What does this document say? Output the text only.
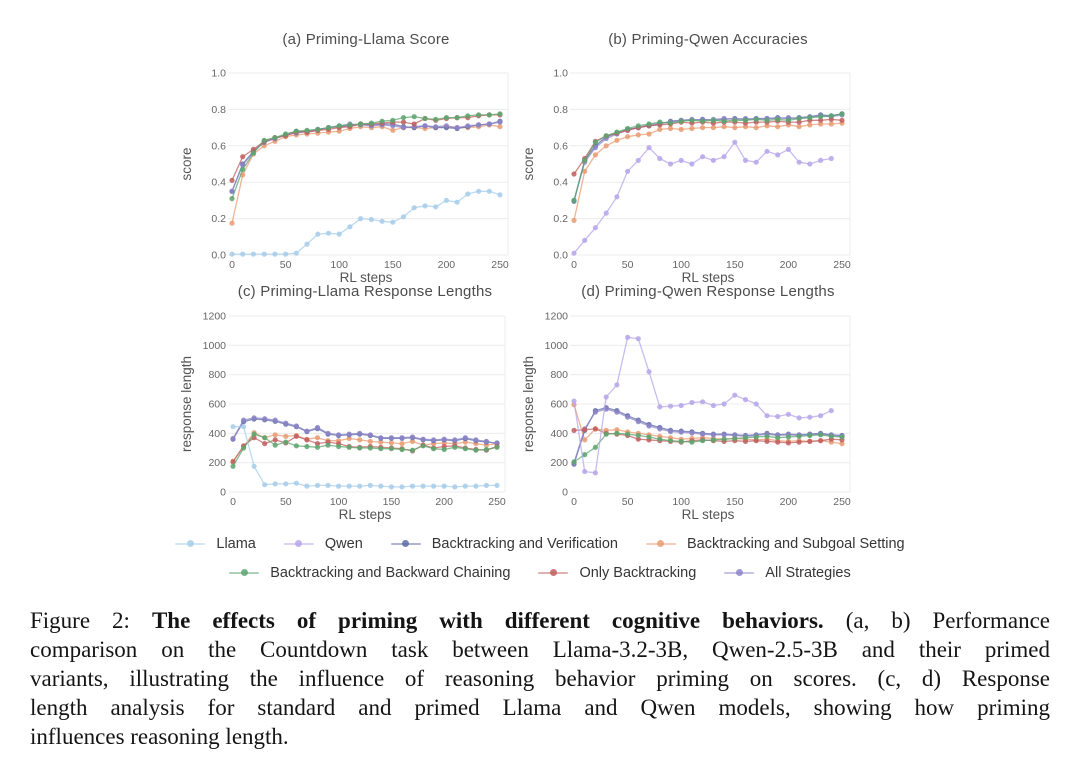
0.0
0.2
0.4
0.6
0.8
1.0
0	50	100	150	200	250
(a) Priming-Llama Score
RL steps
score
0.0
0.2
0.4
0.6
0.8
1.0
0	50	100	150	200	250
(b) Priming-Qwen Accuracies
RL steps
score
0
200
400
600
800
1000
1200
0	50	100	150	200	250
(c) Priming-Llama Response Lengths
RL steps
response length
0
200
400
600
800
1000
1200
0	50	100	150	200	250
(d) Priming-Qwen Response Lengths
RL steps
response length
Llama	Qwen	Backtracking and Verification	Backtracking and Subgoal Setting
Backtracking and Backward Chaining	Only Backtracking	All Strategies
Figure 2: The effects of priming with different cognitive behaviors. (a, b) Performance
comparison on the Countdown task between Llama-3.2-3B, Qwen-2.5-3B and their primed
variants, illustrating the influence of reasoning behavior priming on scores. (c, d) Response
length analysis for standard and primed Llama and Qwen models, showing how priming
influences reasoning length.
